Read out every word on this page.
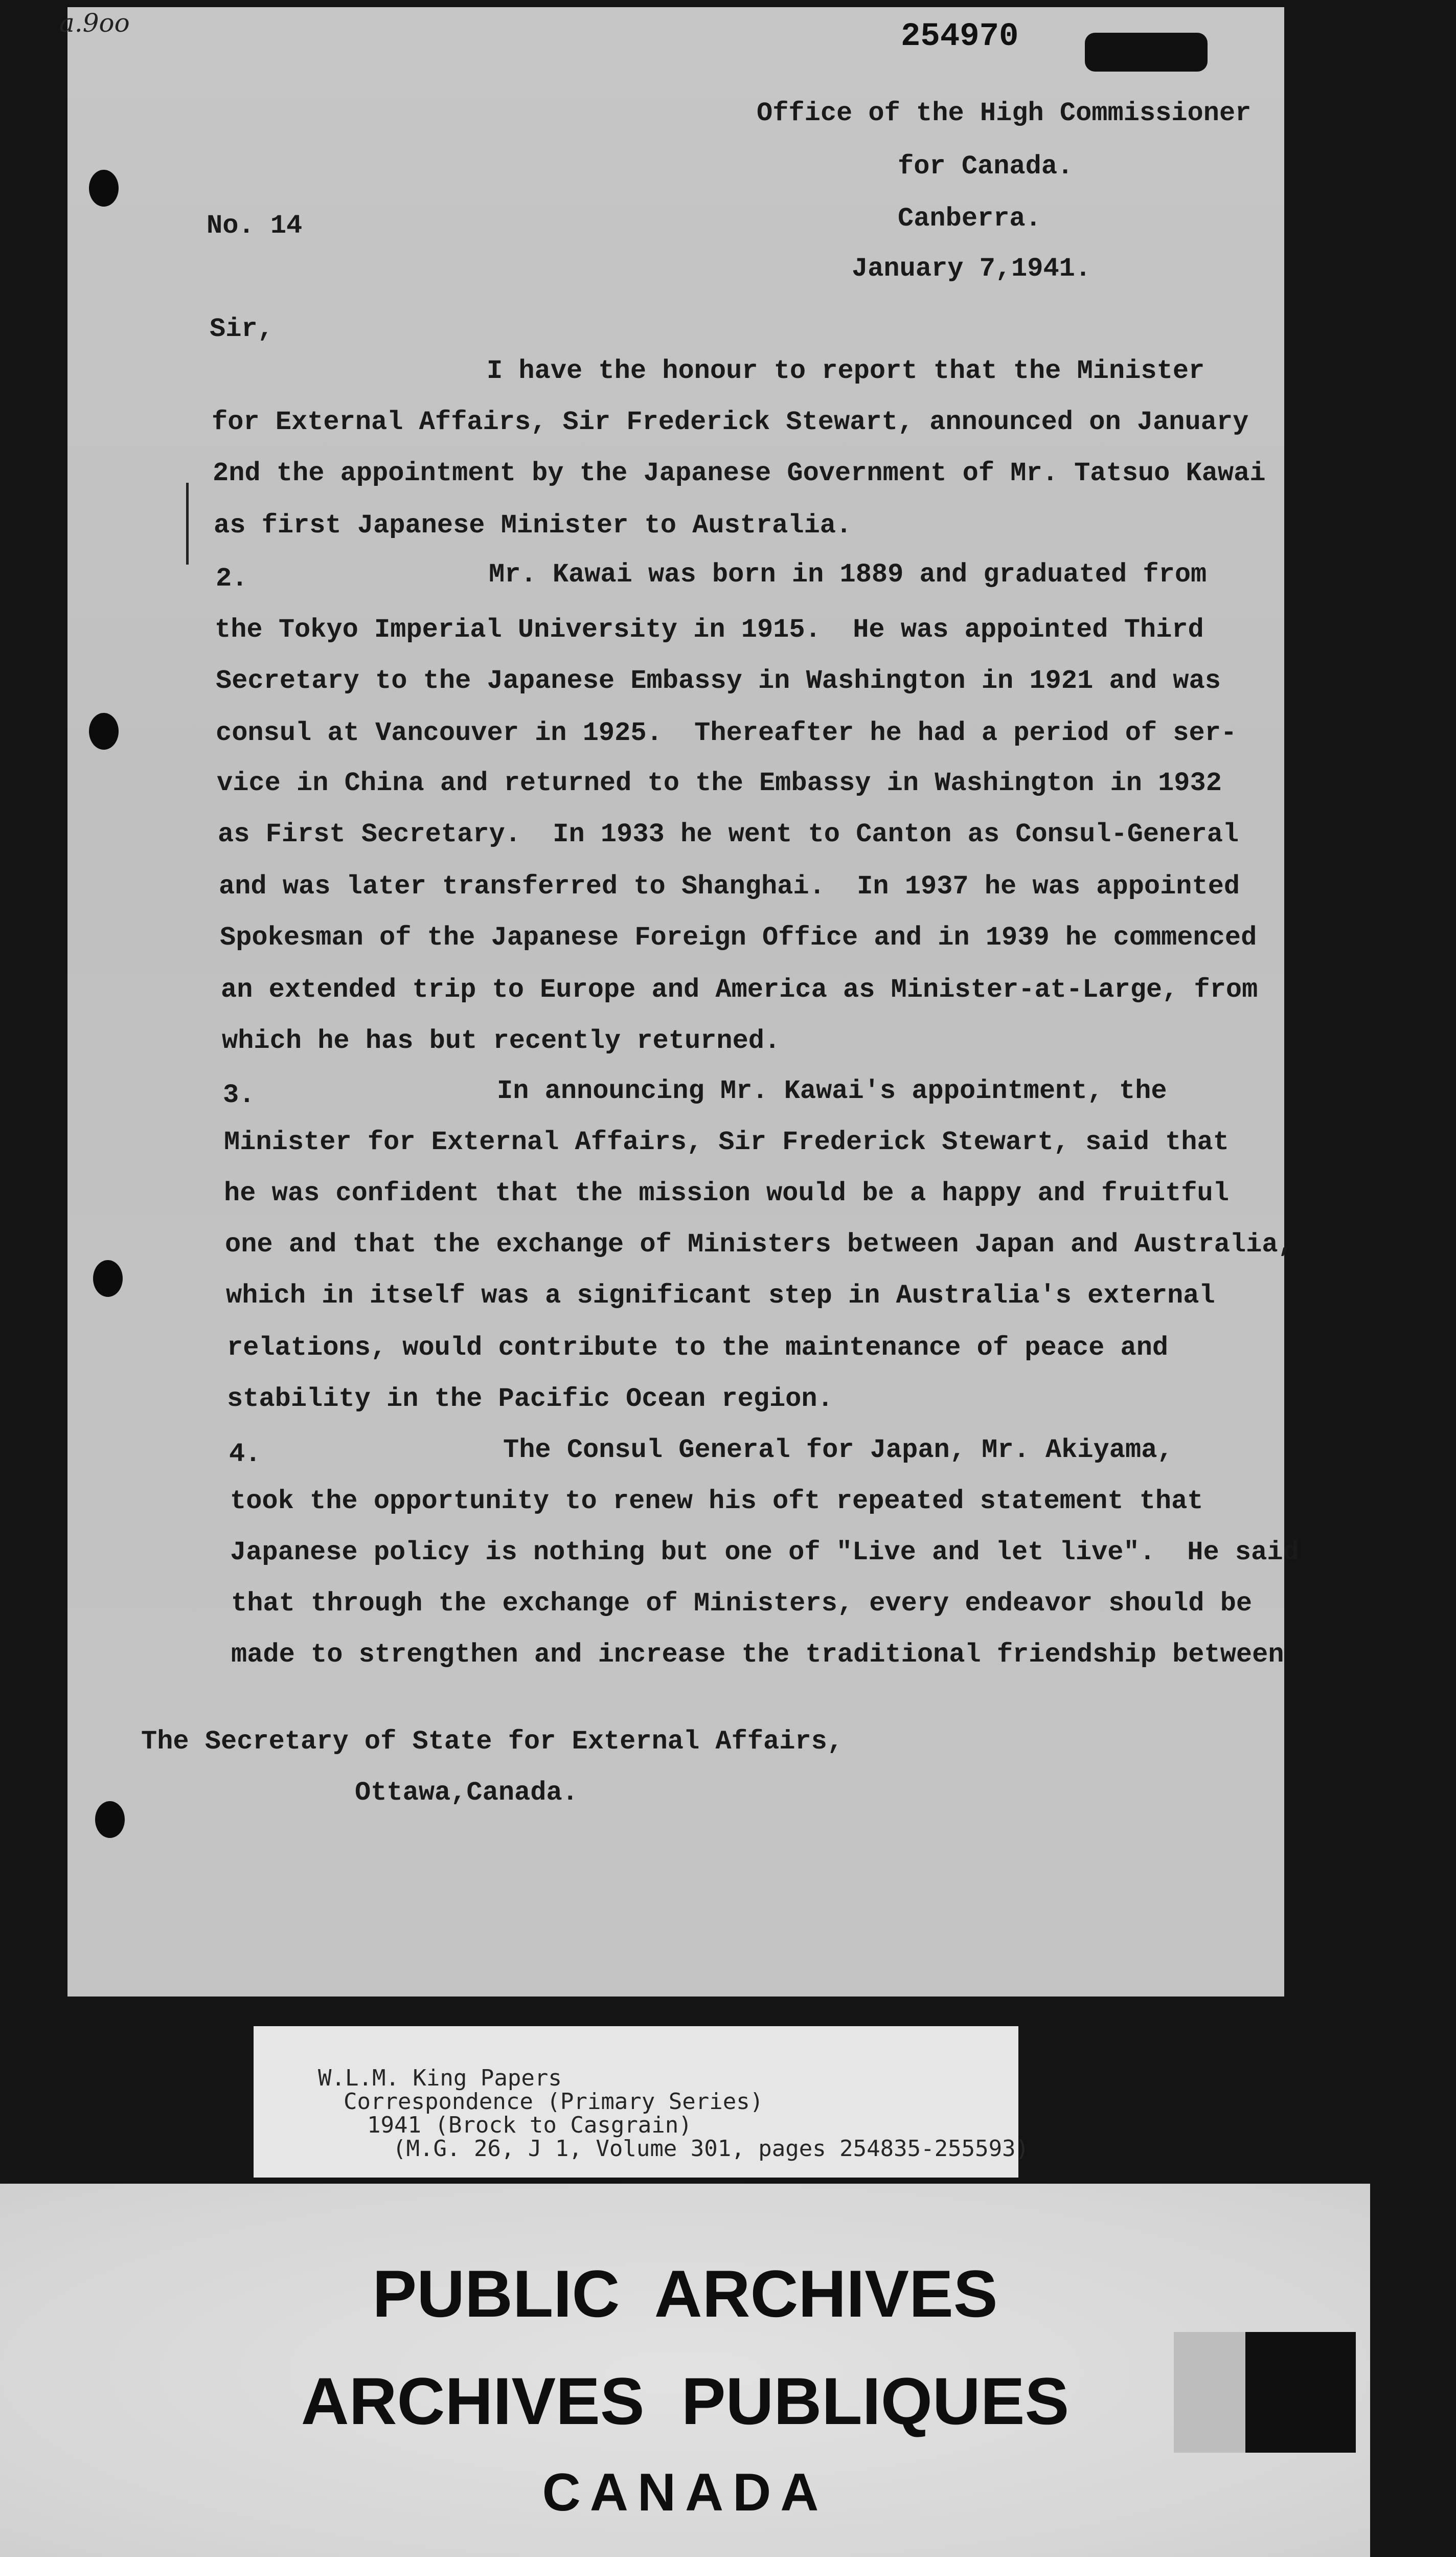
a.9oo	254970
Office of the High Commissioner
for Canada.
Canberra.
January 7,1941.
No. 14
Sir,
I have the honour to report that the Minister
for External Affairs, Sir Frederick Stewart, announced on January
2nd the appointment by the Japanese Government of Mr. Tatsuo Kawai
as first Japanese Minister to Australia.
2.	Mr. Kawai was born in 1889 and graduated from
the Tokyo Imperial University in 1915.  He was appointed Third
Secretary to the Japanese Embassy in Washington in 1921 and was
consul at Vancouver in 1925.  Thereafter he had a period of ser-
vice in China and returned to the Embassy in Washington in 1932
as First Secretary.  In 1933 he went to Canton as Consul-General
and was later transferred to Shanghai.  In 1937 he was appointed
Spokesman of the Japanese Foreign Office and in 1939 he commenced
an extended trip to Europe and America as Minister-at-Large, from
which he has but recently returned.
3.	In announcing Mr. Kawai's appointment, the
Minister for External Affairs, Sir Frederick Stewart, said that
he was confident that the mission would be a happy and fruitful
one and that the exchange of Ministers between Japan and Australia,
which in itself was a significant step in Australia's external
relations, would contribute to the maintenance of peace and
stability in the Pacific Ocean region.
4.	The Consul General for Japan, Mr. Akiyama,
took the opportunity to renew his oft repeated statement that
Japanese policy is nothing but one of "Live and let live".  He said
that through the exchange of Ministers, every endeavor should be
made to strengthen and increase the traditional friendship between
The Secretary of State for External Affairs,
Ottawa,Canada.
W.L.M. King Papers
Correspondence (Primary Series)
1941 (Brock to Casgrain)
(M.G. 26, J 1, Volume 301, pages 254835-255593)
PUBLIC  ARCHIVES
ARCHIVES  PUBLIQUES
CANADA
